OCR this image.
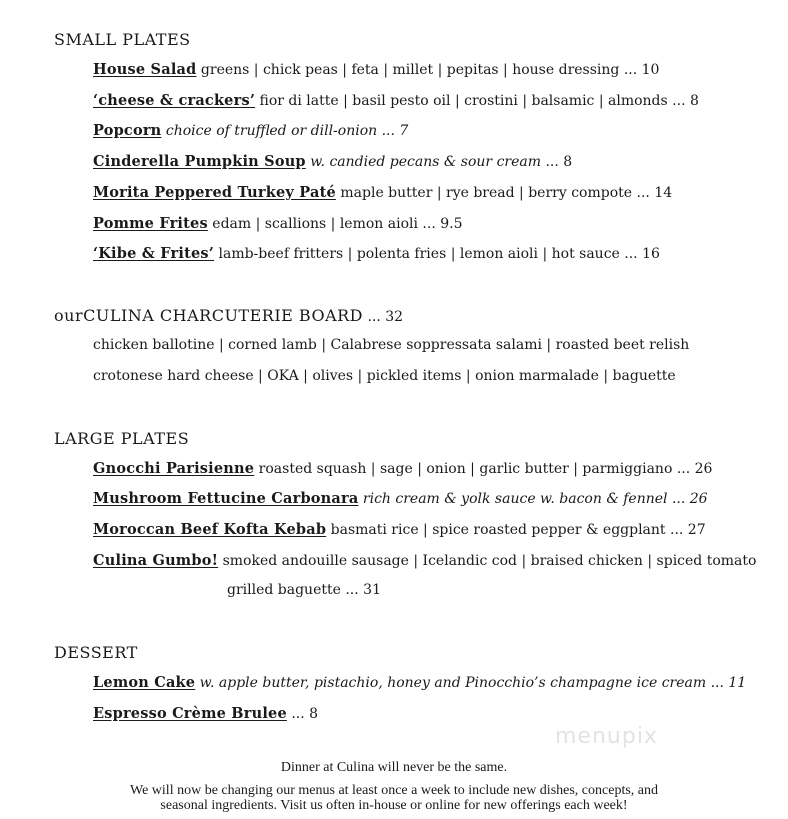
SMALL PLATES
House Salad greens | chick peas | feta | millet | pepitas | house dressing ... 10
‘cheese & crackers’ fior di latte | basil pesto oil | crostini | balsamic | almonds ... 8
Popcorn choice of truffled or dill-onion ... 7
Cinderella Pumpkin Soup w. candied pecans & sour cream ... 8
Morita Peppered Turkey Paté maple butter | rye bread | berry compote ... 14
Pomme Frites edam | scallions | lemon aioli ... 9.5
‘Kibe & Frites’ lamb-beef fritters | polenta fries | lemon aioli | hot sauce ... 16
ourCULINA CHARCUTERIE BOARD ... 32
chicken ballotine | corned lamb | Calabrese soppressata salami | roasted beet relish
crotonese hard cheese | OKA | olives | pickled items | onion marmalade | baguette
LARGE PLATES
Gnocchi Parisienne roasted squash | sage | onion | garlic butter | parmiggiano ... 26
Mushroom Fettucine Carbonara rich cream & yolk sauce w. bacon & fennel ... 26
Moroccan Beef Kofta Kebab basmati rice | spice roasted pepper & eggplant ... 27
Culina Gumbo! smoked andouille sausage | Icelandic cod | braised chicken | spiced tomato
grilled baguette ... 31
DESSERT
Lemon Cake w. apple butter, pistachio, honey and Pinocchio’s champagne ice cream ... 11
Espresso Crème Brulee ... 8
menupix
Dinner at Culina will never be the same.
We will now be changing our menus at least once a week to include new dishes, concepts, and
seasonal ingredients. Visit us often in-house or online for new offerings each week!
